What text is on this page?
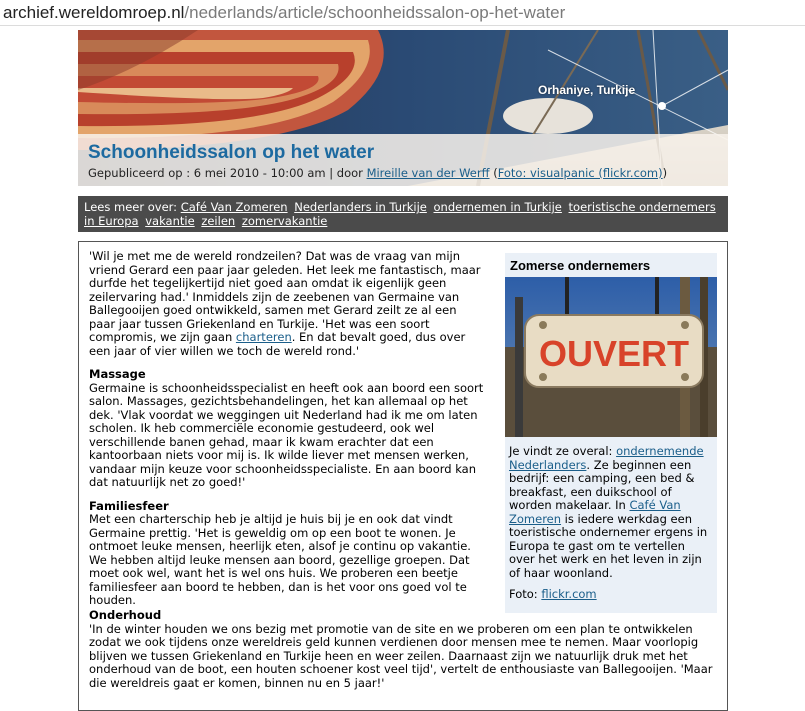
archief.wereldomroep.nl/nederlands/article/schoonheidssalon-op-het-water
Orhaniye, Turkije
Schoonheidssalon op het water
Gepubliceerd op : 6 mei 2010 - 10:00 am | door Mireille van der Werff (Foto: visualpanic (flickr.com))
Lees meer over: Café Van Zomeren Nederlanders in Turkije ondernemen in Turkije toeristische ondernemers in Europa vakantie zeilen zomervakantie

'Wil je met me de wereld rondzeilen? Dat was de vraag van mijn vriend Gerard een paar jaar geleden. Het leek me fantastisch, maar durfde het tegelijkertijd niet goed aan omdat ik eigenlijk geen zeilervaring had.' Inmiddels zijn de zeebenen van Germaine van Ballegooijen goed ontwikkeld, samen met Gerard zeilt ze al een paar jaar tussen Griekenland en Turkije. 'Het was een soort compromis, we zijn gaan charteren. En dat bevalt goed, dus over een jaar of vier willen we toch de wereld rond.'

Massage

Germaine is schoonheidsspecialist en heeft ook aan boord een soort salon. Massages, gezichtsbehandelingen, het kan allemaal op het dek. 'Vlak voordat we weggingen uit Nederland had ik me om laten scholen. Ik heb commerciële economie gestudeerd, ook wel verschillende banen gehad, maar ik kwam erachter dat een kantoorbaan niets voor mij is. Ik wilde liever met mensen werken, vandaar mijn keuze voor schoonheidsspecialiste. En aan boord kan dat natuurlijk net zo goed!'

Familiesfeer

Met een charterschip heb je altijd je huis bij je en ook dat vindt Germaine prettig. 'Het is geweldig om op een boot te wonen. Je ontmoet leuke mensen, heerlijk eten, alsof je continu op vakantie. We hebben altijd leuke mensen aan boord, gezellige groepen. Dat moet ook wel, want het is wel ons huis. We proberen een beetje familiesfeer aan boord te hebben, dan is het voor ons goed vol te houden.

Onderhoud

'In de winter houden we ons bezig met promotie van de site en we proberen om een plan te ontwikkelen zodat we ook tijdens onze wereldreis geld kunnen verdienen door mensen mee te nemen. Maar voorlopig blijven we tussen Griekenland en Turkije heen en weer zeilen. Daarnaast zijn we natuurlijk druk met het onderhoud van de boot, een houten schoener kost veel tijd', vertelt de enthousiaste van Ballegooijen. 'Maar die wereldreis gaat er komen, binnen nu en 5 jaar!'

Zomerse ondernemers
OUVERT
Je vindt ze overal: ondernemende Nederlanders. Ze beginnen een bedrijf: een camping, een bed & breakfast, een duikschool of worden makelaar. In Café Van Zomeren is iedere werkdag een toeristische ondernemer ergens in Europa te gast om te vertellen over het werk en het leven in zijn of haar woonland.
Foto: flickr.com
